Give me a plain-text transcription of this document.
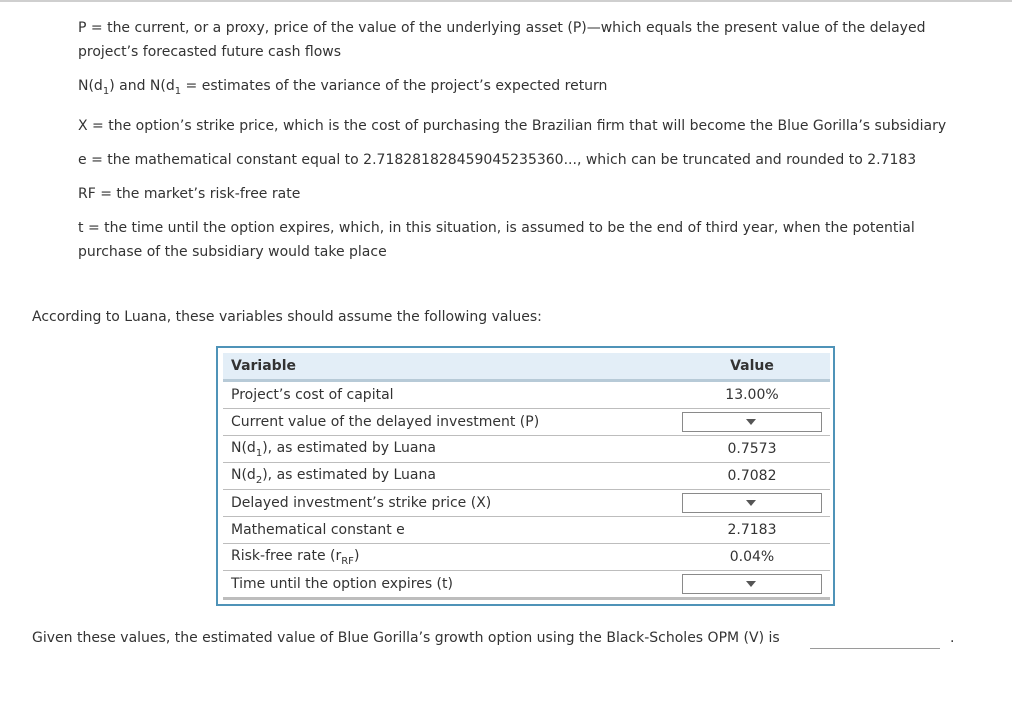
P = the current, or a proxy, price of the value of the underlying asset (P)—which equals the present value of the delayed project’s forecasted future cash flows
$N(d_1)$ and $N(d_1$ = estimates of the variance of the project’s expected return
X = the option’s strike price, which is the cost of purchasing the Brazilian firm that will become the Blue Gorilla’s subsidiary
e = the mathematical constant equal to 2.718281828459045235360..., which can be truncated and rounded to 2.7183
RF = the market’s risk-free rate
t = the time until the option expires, which, in this situation, is assumed to be the end of third year, when the potential purchase of the subsidiary would take place
According to Luana, these variables should assume the following values:
Variable	Value
Project’s cost of capital	13.00%
Current value of the delayed investment (P)	

$N(d_1)$, as estimated by Luana	0.7573
$N(d_2)$, as estimated by Luana	0.7082
Delayed investment’s strike price (X)	

Mathematical constant e	2.7183
Risk-free rate $(r_{RF})$	0.04%
Time until the option expires (t)	
Given these values, the estimated value of Blue Gorilla’s growth option using the Black-Scholes OPM (V) is	.
